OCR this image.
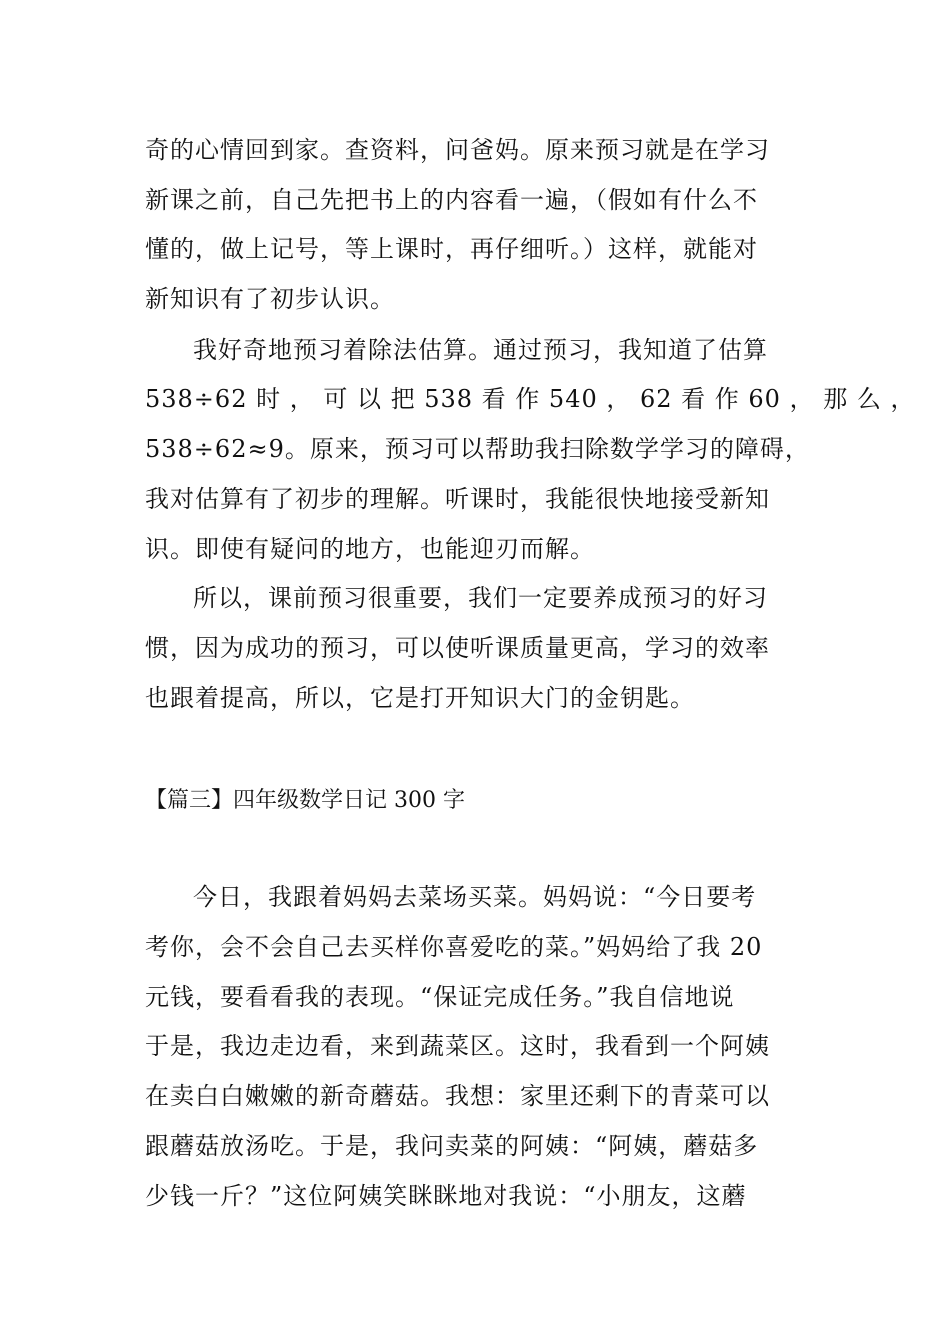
奇的心情回到家。查资料，问爸妈。原来预习就是在学习
新课之前，自己先把书上的内容看一遍，（假如有什么不
懂的，做上记号，等上课时，再仔细听。）这样，就能对
新知识有了初步认识。
我好奇地预习着除法估算。通过预习，我知道了估算
538÷62 时 ， 可 以 把 538 看 作 540 ， 62 看 作 60 ， 那 么 ，
538÷62≈9。原来，预习可以帮助我扫除数学学习的障碍，
我对估算有了初步的理解。听课时，我能很快地接受新知
识。即使有疑问的地方，也能迎刃而解。
所以，课前预习很重要，我们一定要养成预习的好习
惯，因为成功的预习，可以使听课质量更高，学习的效率
也跟着提高，所以，它是打开知识大门的金钥匙。
【篇三】四年级数学日记 300 字
今日，我跟着妈妈去菜场买菜。妈妈说：“今日要考
考你，会不会自己去买样你喜爱吃的菜。”妈妈给了我 20
元钱，要看看我的表现。“保证完成任务。”我自信地说
于是，我边走边看，来到蔬菜区。这时，我看到一个阿姨
在卖白白嫩嫩的新奇蘑菇。我想：家里还剩下的青菜可以
跟蘑菇放汤吃。于是，我问卖菜的阿姨：“阿姨，蘑菇多
少钱一斤？”这位阿姨笑眯眯地对我说：“小朋友，这蘑
